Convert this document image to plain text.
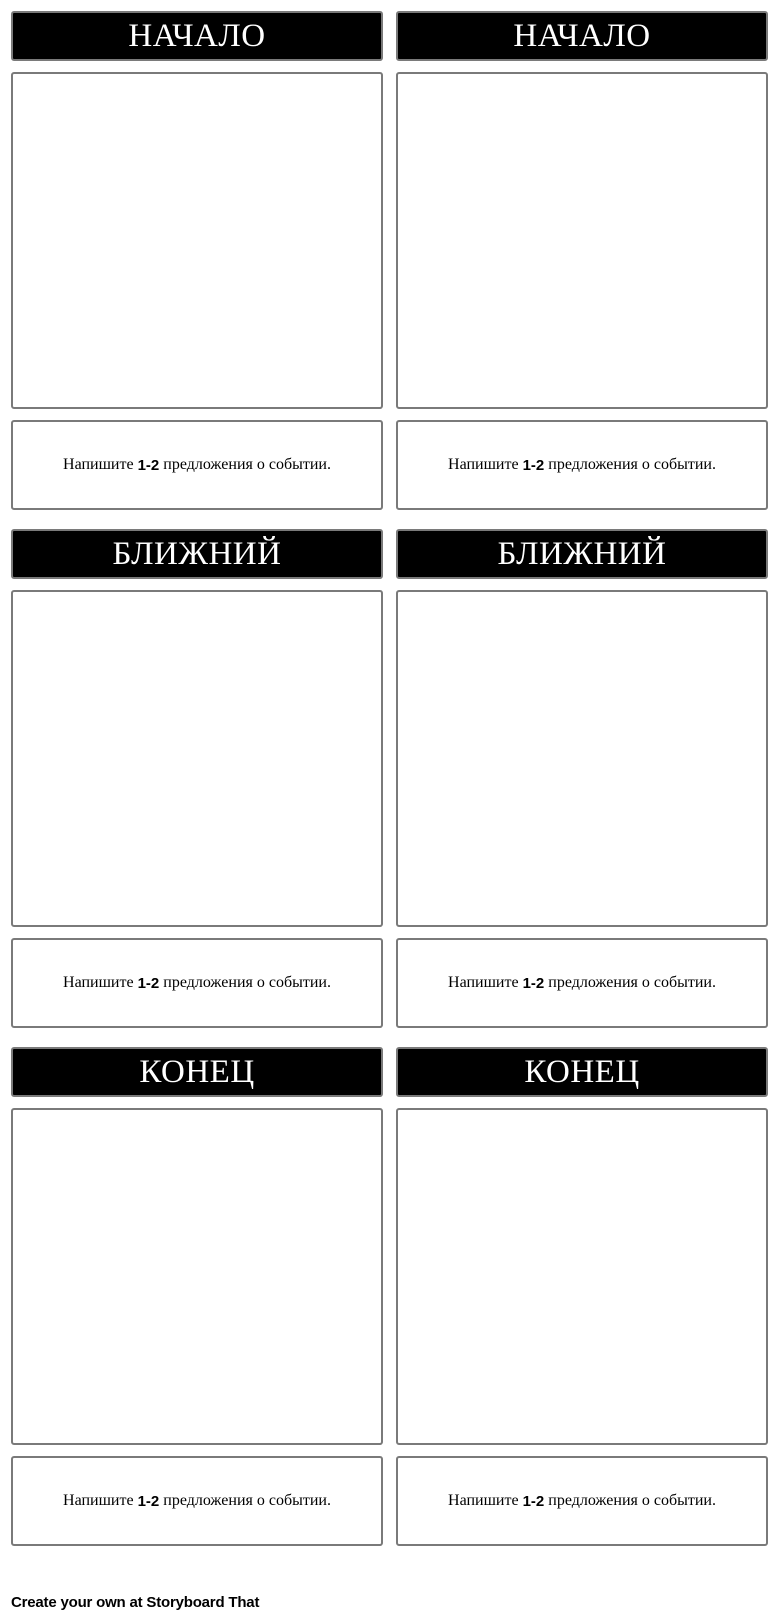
НАЧАЛО
Напишите 1-2 предложения о событии.
НАЧАЛО
Напишите 1-2 предложения о событии.
БЛИЖНИЙ
Напишите 1-2 предложения о событии.
БЛИЖНИЙ
Напишите 1-2 предложения о событии.
КОНЕЦ
Напишите 1-2 предложения о событии.
КОНЕЦ
Напишите 1-2 предложения о событии.
Create your own at Storyboard That
